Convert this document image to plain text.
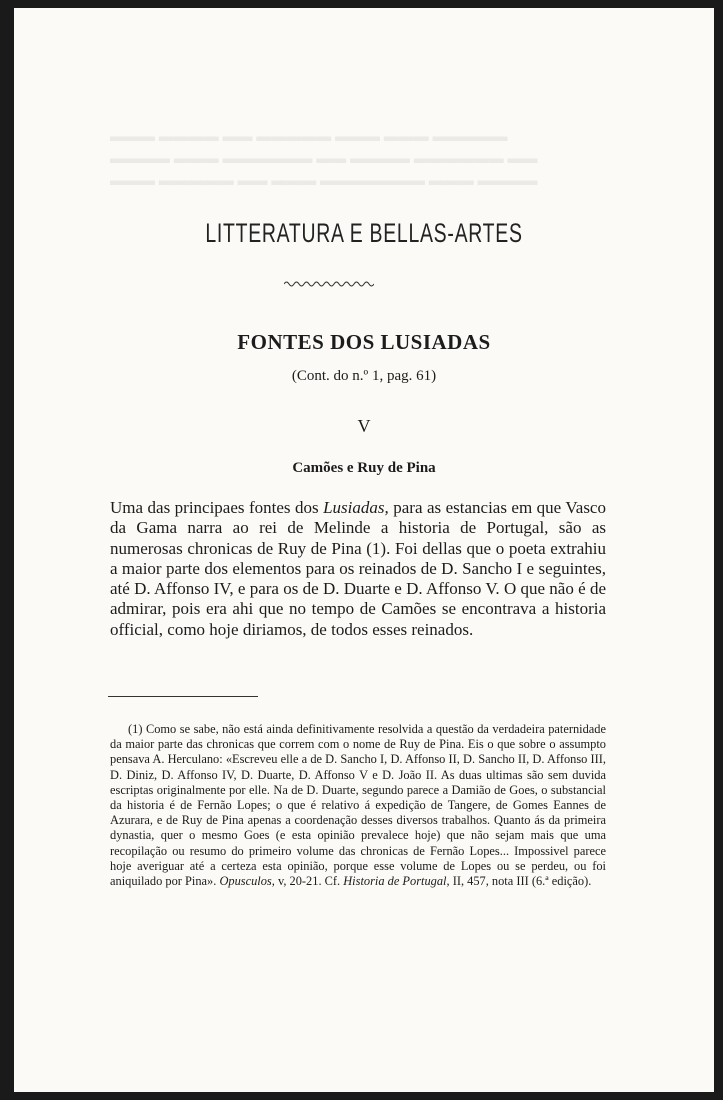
▬▬▬ ▬▬▬▬ ▬▬ ▬▬▬▬▬ ▬▬▬ ▬▬▬ ▬▬▬▬▬
▬▬▬▬ ▬▬▬ ▬▬▬▬▬▬ ▬▬ ▬▬▬▬ ▬▬▬▬▬▬ ▬▬
▬▬▬ ▬▬▬▬▬ ▬▬ ▬▬▬ ▬▬▬▬▬▬▬ ▬▬▬ ▬▬▬▬
LITTERATURA E BELLAS-ARTES
FONTES DOS LUSIADAS
(Cont. do n.º 1, pag. 61)
V
Camões e Ruy de Pina
Uma das principaes fontes dos Lusiadas, para as estancias em que Vasco da Gama narra ao rei de Melinde a historia de Portugal, são as numerosas chronicas de Ruy de Pina (1). Foi dellas que o poeta extrahiu a maior parte dos elementos para os reinados de D. Sancho I e seguintes, até D. Affonso IV, e para os de D. Duarte e D. Affonso V. O que não é de admirar, pois era ahi que no tempo de Camões se encontrava a historia official, como hoje diriamos, de todos esses reinados.
(1) Como se sabe, não está ainda definitivamente resolvida a questão da verdadeira paternidade da maior parte das chronicas que correm com o nome de Ruy de Pina. Eis o que sobre o assumpto pensava A. Herculano: «Escreveu elle a de D. Sancho I, D. Affonso II, D. Sancho II, D. Affonso III, D. Diniz, D. Affonso IV, D. Duarte, D. Affonso V e D. João II. As duas ultimas são sem duvida escriptas originalmente por elle. Na de D. Duarte, segundo parece a Damião de Goes, o substancial da historia é de Fernão Lopes; o que é relativo á expedição de Tangere, de Gomes Eannes de Azurara, e de Ruy de Pina apenas a coordenação desses diversos trabalhos. Quanto ás da primeira dynastia, quer o mesmo Goes (e esta opinião prevalece hoje) que não sejam mais que uma recopilação ou resumo do primeiro volume das chronicas de Fernão Lopes... Impossivel parece hoje averiguar até a certeza esta opinião, porque esse volume de Lopes ou se perdeu, ou foi aniquilado por Pina». Opusculos, v, 20-21. Cf. Historia de Portugal, II, 457, nota III (6.ª edição).
